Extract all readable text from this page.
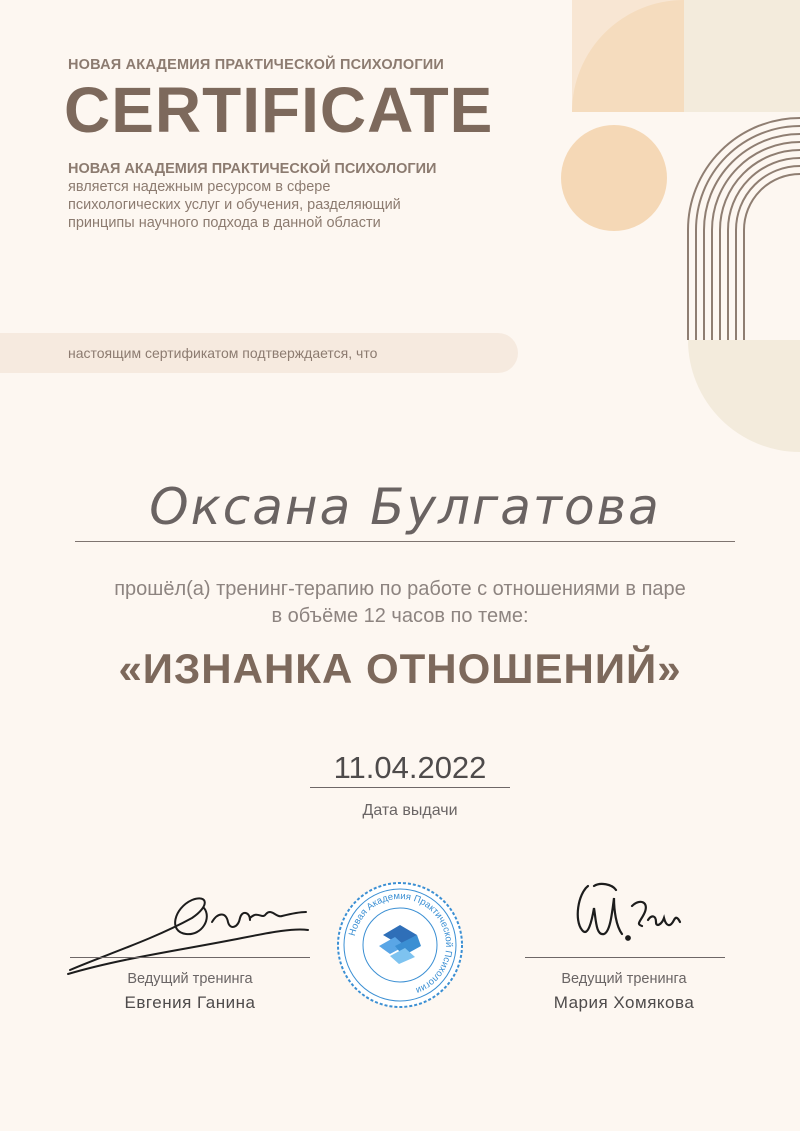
НОВАЯ АКАДЕМИЯ ПРАКТИЧЕСКОЙ ПСИХОЛОГИИ
CERTIFICATE
НОВАЯ АКАДЕМИЯ ПРАКТИЧЕСКОЙ ПСИХОЛОГИИ
является надежным ресурсом в сфере
психологических услуг и обучения, разделяющий
принципы научного подхода в данной области
настоящим сертификатом подтверждается, что
Оксана Булгатова
прошёл(а) тренинг-терапию по работе с отношениями в паре
в объёме 12 часов по теме:
«ИЗНАНКА ОТНОШЕНИЙ»
11.04.2022
Дата выдачи
Ведущий тренинга
Евгения Ганина
Новая Академия Практической Психологии
Ведущий тренинга
Мария Хомякова
